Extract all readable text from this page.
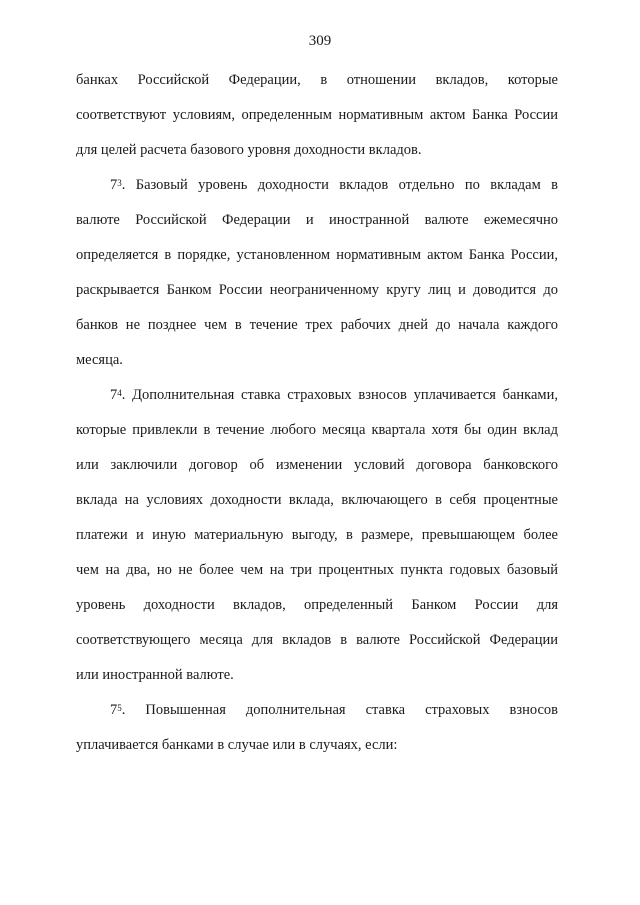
309
банках Российской Федерации, в отношении вкладов, которые
соответствуют условиям, определенным нормативным актом Банка России
для целей расчета базового уровня доходности вкладов.
$7^3$ . Базовый уровень доходности вкладов отдельно по вкладам в
валюте Российской Федерации и иностранной валюте ежемесячно
определяется в порядке, установленном нормативным актом Банка России,
раскрывается Банком России неограниченному кругу лиц и доводится до
банков не позднее чем в течение трех рабочих дней до начала каждого
месяца.
$7^4$ . Дополнительная ставка страховых взносов уплачивается банками,
которые привлекли в течение любого месяца квартала хотя бы один вклад
или заключили договор об изменении условий договора банковского
вклада на условиях доходности вклада, включающего в себя процентные
платежи и иную материальную выгоду, в размере, превышающем более
чем на два, но не более чем на три процентных пункта годовых базовый
уровень доходности вкладов, определенный Банком России для
соответствующего месяца для вкладов в валюте Российской Федерации
или иностранной валюте.
$7^5$ . Повышенная дополнительная ставка страховых взносов
уплачивается банками в случае или в случаях, если:
